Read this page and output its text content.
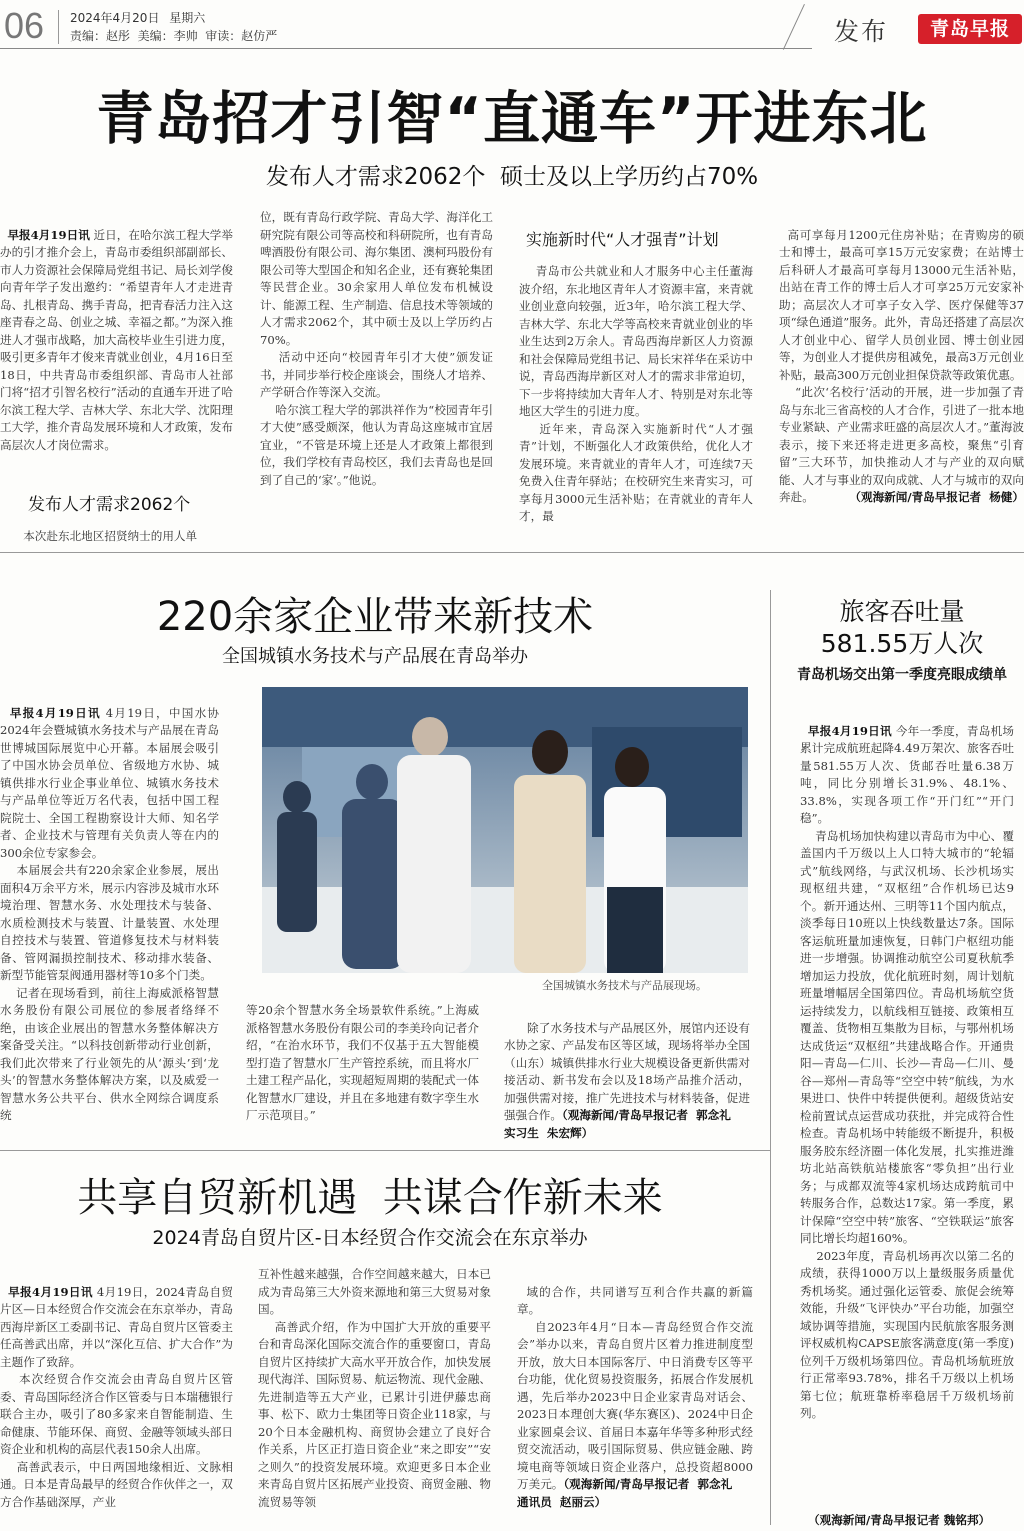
06 2024年4月20日 星期六
责编：赵彤  美编：李帅  审读：赵仿严	发布	青岛早报
青岛招才引智“直通车”开进东北
发布人才需求2062个  硕士及以上学历约占70%

早报4月19日讯 近日，在哈尔滨工程大学举办的引才推介会上，青岛市委组织部副部长、市人力资源社会保障局党组书记、局长刘学俊向青年学子发出邀约：“希望青年人才走进青岛、扎根青岛、携手青岛，把青春活力注入这座青春之岛、创业之城、幸福之都。”为深入推进人才强市战略，加大高校毕业生引进力度，吸引更多青年才俊来青就业创业，4月16日至18日，中共青岛市委组织部、青岛市人社部门将“招才引智名校行”活动的直通车开进了哈尔滨工程大学、吉林大学、东北大学、沈阳理工大学，推介青岛发展环境和人才政策，发布高层次人才岗位需求。

发布人才需求2062个
本次赴东北地区招贤纳士的用人单
位，既有青岛行政学院、青岛大学、海洋化工研究院有限公司等高校和科研院所，也有青岛啤酒股份有限公司、海尔集团、澳柯玛股份有限公司等大型国企和知名企业，还有赛轮集团等民营企业。30余家用人单位发布机械设计、能源工程、生产制造、信息技术等领域的人才需求2062个，其中硕士及以上学历约占70%。
活动中还向“校园青年引才大使”颁发证书，并同步举行校企座谈会，围绕人才培养、产学研合作等深入交流。
哈尔滨工程大学的郭洪祥作为“校园青年引才大使”感受颇深，他认为青岛这座城市宜居宜业，“不管是环境上还是人才政策上都很到位，我们学校有青岛校区，我们去青岛也是回到了自己的‘家’。”他说。
实施新时代“人才强青”计划
青岛市公共就业和人才服务中心主任董海波介绍，东北地区青年人才资源丰富，来青就业创业意向较强，近3年，哈尔滨工程大学、吉林大学、东北大学等高校来青就业创业的毕业生达到2万余人。青岛西海岸新区人力资源和社会保障局党组书记、局长宋祥华在采访中说，青岛西海岸新区对人才的需求非常迫切，下一步将持续加大青年人才、特别是对东北等地区大学生的引进力度。
近年来，青岛深入实施新时代“人才强青”计划，不断强化人才政策供给，优化人才发展环境。来青就业的青年人才，可连续7天免费入住青年驿站；在校研究生来青实习，可享每月3000元生活补贴；在青就业的青年人才，最

高可享每月1200元住房补贴；在青购房的硕士和博士，最高可享15万元安家费；在站博士后科研人才最高可享每月13000元生活补贴，出站在青工作的博士后人才可享25万元安家补助；高层次人才可享子女入学、医疗保健等37项“绿色通道”服务。此外，青岛还搭建了高层次人才创业中心、留学人员创业园、博士创业园等，为创业人才提供房租减免，最高3万元创业补贴，最高300万元创业担保贷款等政策优惠。
“此次‘名校行’活动的开展，进一步加强了青岛与东北三省高校的人才合作，引进了一批本地专业紧缺、产业需求旺盛的高层次人才。”董海波表示，接下来还将走进更多高校，聚焦“引育留”三大环节，加快推动人才与产业的双向赋能、人才与事业的双向成就、人才与城市的双向奔赴。	（观海新闻/青岛早报记者  杨健）

220余家企业带来新技术
全国城镇水务技术与产品展在青岛举办

早报4月19日讯 4月19日，中国水协2024年会暨城镇水务技术与产品展在青岛世博城国际展览中心开幕。本届展会吸引了中国水协会员单位、省级地方水协、城镇供排水行业企事业单位、城镇水务技术与产品单位等近万名代表，包括中国工程院院士、全国工程勘察设计大师、知名学者、企业技术与管理有关负责人等在内的300余位专家参会。
本届展会共有220余家企业参展，展出面积4万余平方米，展示内容涉及城市水环境治理、智慧水务、水处理技术与装备、水质检测技术与装置、计量装置、水处理自控技术与装置、管道修复技术与材料装备、管网漏损控制技术、移动排水装备、新型节能管泵阀通用器材等10多个门类。
记者在现场看到，前往上海威派格智慧水务股份有限公司展位的参展者络绎不绝，由该企业展出的智慧水务整体解决方案备受关注。“以科技创新带动行业创新，我们此次带来了行业领先的从‘源头’到‘龙头’的智慧水务整体解决方案，以及威爱一智慧水务公共平台、供水全网综合调度系统

全国城镇水务技术与产品展现场。
等20余个智慧水务全场景软件系统。”上海威派格智慧水务股份有限公司的李美玲向记者介绍，“在治水环节，我们不仅基于五大智能模型打造了智慧水厂生产管控系统，而且将水厂土建工程产品化，实现超短周期的装配式一体化智慧水厂建设，并且在多地建有数字孪生水厂示范项目。”

除了水务技术与产品展区外，展馆内还设有水协之家、产品发布区等区域，现场将举办全国（山东）城镇供排水行业大规模设备更新供需对接活动、新书发布会以及18场产品推介活动，加强供需对接，推广先进技术与材料装备，促进强强合作。（观海新闻/青岛早报记者  郭念礼
实习生  朱宏辉）

旅客吞吐量
581.55万人次
青岛机场交出第一季度亮眼成绩单

早报4月19日讯 今年一季度，青岛机场累计完成航班起降4.49万架次、旅客吞吐量581.55万人次、货邮吞吐量6.38万吨，同比分别增长31.9%、48.1%、33.8%，实现各项工作“开门红”“开门稳”。
青岛机场加快构建以青岛市为中心、覆盖国内千万级以上人口特大城市的“轮辐式”航线网络，与武汉机场、长沙机场实现枢纽共建，“双枢纽”合作机场已达9个。新开通达州、三明等11个国内航点，淡季每日10班以上快线数量达7条。国际客运航班量加速恢复，日韩门户枢纽功能进一步增强。协调推动航空公司夏秋航季增加运力投放，优化航班时刻，周计划航班量增幅居全国第四位。青岛机场航空货运持续发力，以航线相互链接、政策相互覆盖、货物相互集散为目标，与鄂州机场达成货运“双枢纽”共建战略合作。开通贵阳—青岛—仁川、长沙—青岛—仁川、曼谷—郑州—青岛等“空空中转”航线，为水果进口、快件中转提供便利。超级货站安检前置试点运营成功获批，并完成符合性检查。青岛机场中转能级不断提升，积极服务胶东经济圈一体化发展，扎实推进潍坊北站高铁航站楼旅客“零负担”出行业务；与成都双流等4家机场达成跨航司中转服务合作，总数达17家。第一季度，累计保障“空空中转”旅客、“空铁联运”旅客同比增长均超160%。
2023年度，青岛机场再次以第二名的成绩，获得1000万以上量级服务质量优秀机场奖。通过强化运管委、旅促会统筹效能，升级“飞评快办”平台功能，加强空域协调等措施，实现国内民航旅客服务测评权威机构CAPSE旅客满意度(第一季度)位列千万级机场第四位。青岛机场航班放行正常率93.78%，排名千万级以上机场第七位；航班靠桥率稳居千万级机场前列。

（观海新闻/青岛早报记者 魏铭邦）
共享自贸新机遇  共谋合作新未来
2024青岛自贸片区-日本经贸合作交流会在东京举办

早报4月19日讯 4月19日，2024青岛自贸片区—日本经贸合作交流会在东京举办，青岛西海岸新区工委副书记、青岛自贸片区管委主任高善武出席，并以“深化互信、扩大合作”为主题作了致辞。
本次经贸合作交流会由青岛自贸片区管委、青岛国际经济合作区管委与日本瑞穗银行联合主办，吸引了80多家来自智能制造、生命健康、节能环保、商贸、金融等领域头部日资企业和机构的高层代表150余人出席。
高善武表示，中日两国地缘相近、文脉相通。日本是青岛最早的经贸合作伙伴之一，双方合作基础深厚，产业

互补性越来越强，合作空间越来越大，日本已成为青岛第三大外资来源地和第三大贸易对象国。
高善武介绍，作为中国扩大开放的重要平台和青岛深化国际交流合作的重要窗口，青岛自贸片区持续扩大高水平开放合作，加快发展现代海洋、国际贸易、航运物流、现代金融、先进制造等五大产业，已累计引进伊藤忠商事、松下、欧力士集团等日资企业118家，与20个日本金融机构、商贸协会建立了良好合作关系，片区正打造日资企业“来之即安”“安之则久”的投资发展环境。欢迎更多日本企业来青岛自贸片区拓展产业投资、商贸金融、物流贸易等领

域的合作，共同谱写互利合作共赢的新篇章。
自2023年4月“日本—青岛经贸合作交流会”举办以来，青岛自贸片区着力推进制度型开放，放大日本国际客厅、中日消费专区等平台功能，优化贸易投资服务，拓展合作发展机遇，先后举办2023中日企业家青岛对话会、2023日本理创大赛(华东赛区)、2024中日企业家圆桌会议、首届日本嘉年华等多种形式经贸交流活动，吸引国际贸易、供应链金融、跨境电商等领域日资企业落户，总投资超8000万美元。（观海新闻/青岛早报记者  郭念礼
通讯员  赵丽云）
